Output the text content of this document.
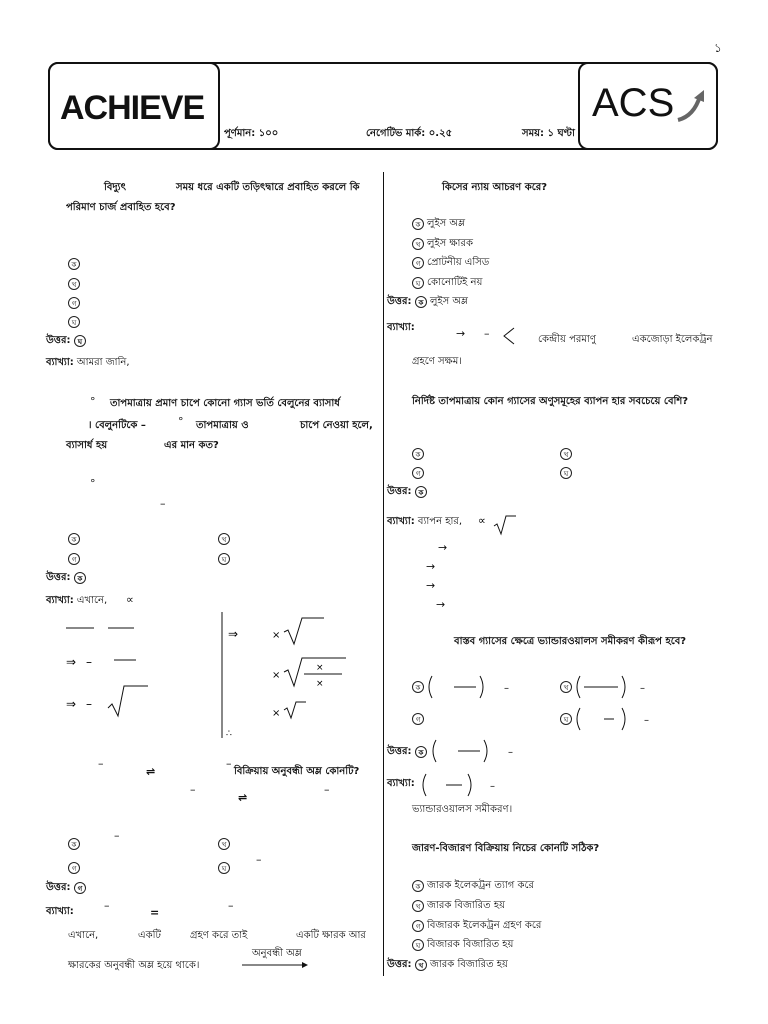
১
ACHIEVE	ACS
পূর্ণমান: ১০০	নেগেটিভ মার্ক: ০.২৫	সময়: ১ ঘণ্টা
বিদ্যুৎ	সময় ধরে একটি তড়িৎদ্বারে প্রবাহিত করলে কি
পরিমাণ চার্জ প্রবাহিত হবে?
ক
খ
গ
ঘ
উত্তর:
	ঘ
ব্যাখ্যা: আমরা জানি,
° তাপমাত্রায় প্রমাণ চাপে কোনো গ্যাস ভর্তি বেলুনের ব্যাসার্ধ
। বেলুনটিকে –	° তাপমাত্রায় ও	চাপে নেওয়া হলে,
ব্যাসার্ধ হয়	এর মান কত?
°
–
ক	খ
গ	ঘ
উত্তর:
	ক
ব্যাখ্যা: এখানে, ∝
⇒ –
⇒ –
⇒	×
×
×
×
×
∴
–
⇌
–
বিক্রিয়ায় অনুবন্ধী অম্ল কোনটি?
–
⇌
–
–
ক	খ
–
গ	ঘ
উত্তর:
	গ
ব্যাখ্যা:	–
=
–
এখানে,	একটি	গ্রহণ করে তাই	একটি ক্ষারক আর
ক্ষারকের অনুবন্ধী অম্ল হয়ে থাকে।
অনুবন্ধী অম্ল
কিসের ন্যায় আচরণ করে?
ক লুইস অম্ল
খ লুইস ক্ষারক
গ প্রোটনীয় এসিড
ঘ কোনোটিই নয়
উত্তর:
	ক লুইস অম্ল
ব্যাখ্যা:	→ –	কেন্দ্রীয় পরমাণু	একজোড়া ইলেকট্রন
গ্রহণে সক্ষম।
নির্দিষ্ট তাপমাত্রায় কোন গ্যাসের অণুসমূহের ব্যাপন হার সবচেয়ে বেশি?
ক	খ
গ	ঘ
উত্তর:
	ক
ব্যাখ্যা: ব্যাপন হার, ∝
→
→
→
→
বাস্তব গ্যাসের ক্ষেত্রে ভ্যান্ডারওয়ালস সমীকরণ কীরূপ হবে?
ক	–	খ	–
গ	ঘ	–
উত্তর:
	ক	–
ব্যাখ্যা:	–
ভ্যান্ডারওয়ালস সমীকরণ।
জারণ-বিজারণ বিক্রিয়ায় নিচের কোনটি সঠিক?
ক জারক ইলেকট্রন ত্যাগ করে
খ জারক বিজারিত হয়
গ বিজারক ইলেকট্রন গ্রহণ করে
ঘ বিজারক বিজারিত হয়
উত্তর:
	খ জারক বিজারিত হয়
